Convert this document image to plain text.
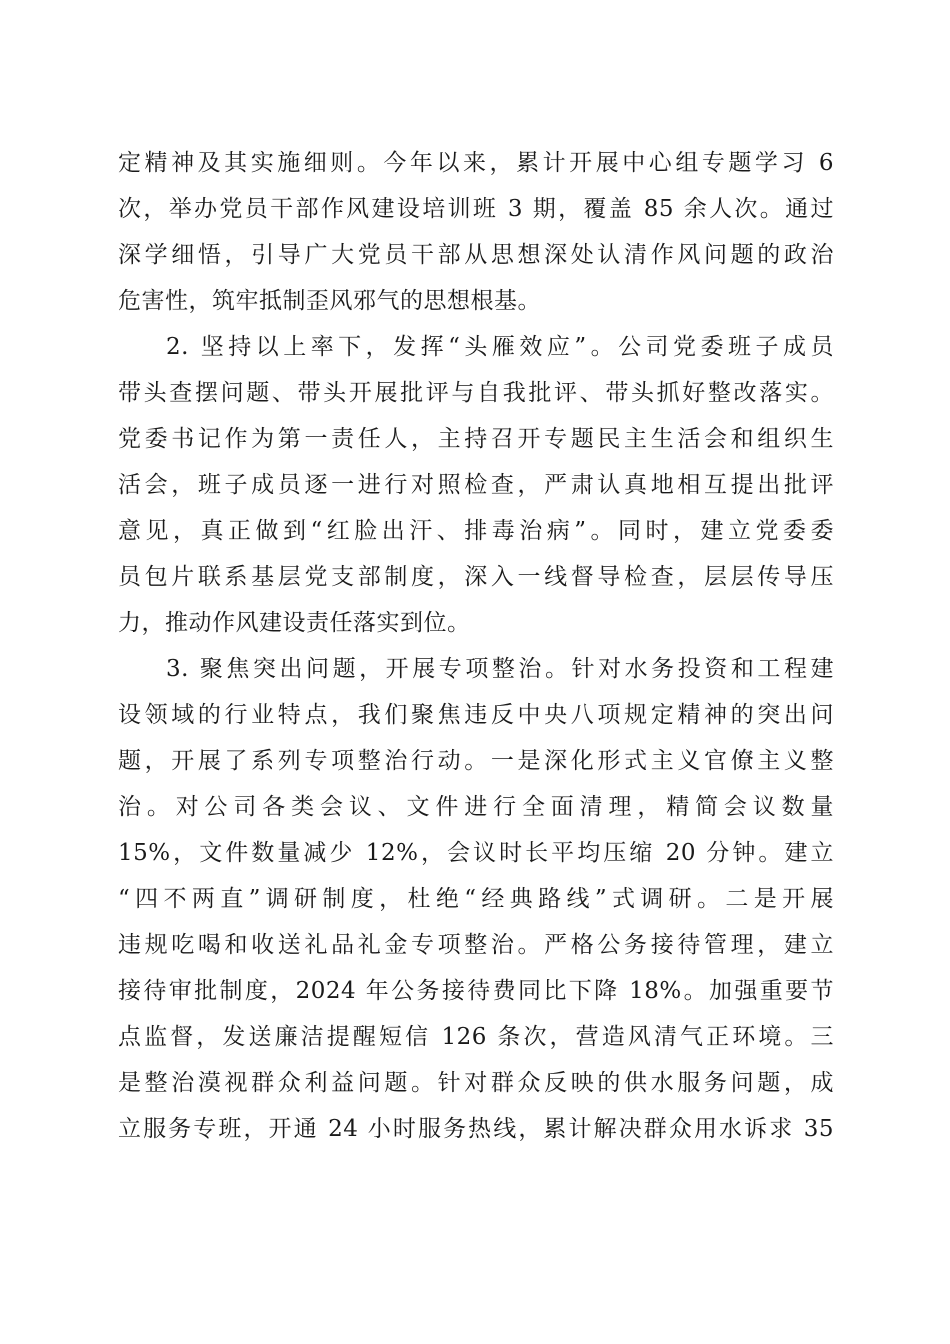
定精神及其实施细则。今年以来，累计开展中心组专题学习 6
次，举办党员干部作风建设培训班 3 期，覆盖 85 余人次。通过
深学细悟，引导广大党员干部从思想深处认清作风问题的政治
危害性，筑牢抵制歪风邪气的思想根基。
2. 坚持以上率下，发挥“头雁效应”。公司党委班子成员
带头查摆问题、带头开展批评与自我批评、带头抓好整改落实。
党委书记作为第一责任人，主持召开专题民主生活会和组织生
活会，班子成员逐一进行对照检查，严肃认真地相互提出批评
意见，真正做到“红脸出汗、排毒治病”。同时，建立党委委
员包片联系基层党支部制度，深入一线督导检查，层层传导压
力，推动作风建设责任落实到位。
3. 聚焦突出问题，开展专项整治。针对水务投资和工程建
设领域的行业特点，我们聚焦违反中央八项规定精神的突出问
题，开展了系列专项整治行动。一是深化形式主义官僚主义整
治。对公司各类会议、文件进行全面清理，精简会议数量
15%，文件数量减少 12%，会议时长平均压缩 20 分钟。建立
“四不两直”调研制度，杜绝“经典路线”式调研。二是开展
违规吃喝和收送礼品礼金专项整治。严格公务接待管理，建立
接待审批制度，2024 年公务接待费同比下降 18%。加强重要节
点监督，发送廉洁提醒短信 126 条次，营造风清气正环境。三
是整治漠视群众利益问题。针对群众反映的供水服务问题，成
立服务专班，开通 24 小时服务热线，累计解决群众用水诉求 35
